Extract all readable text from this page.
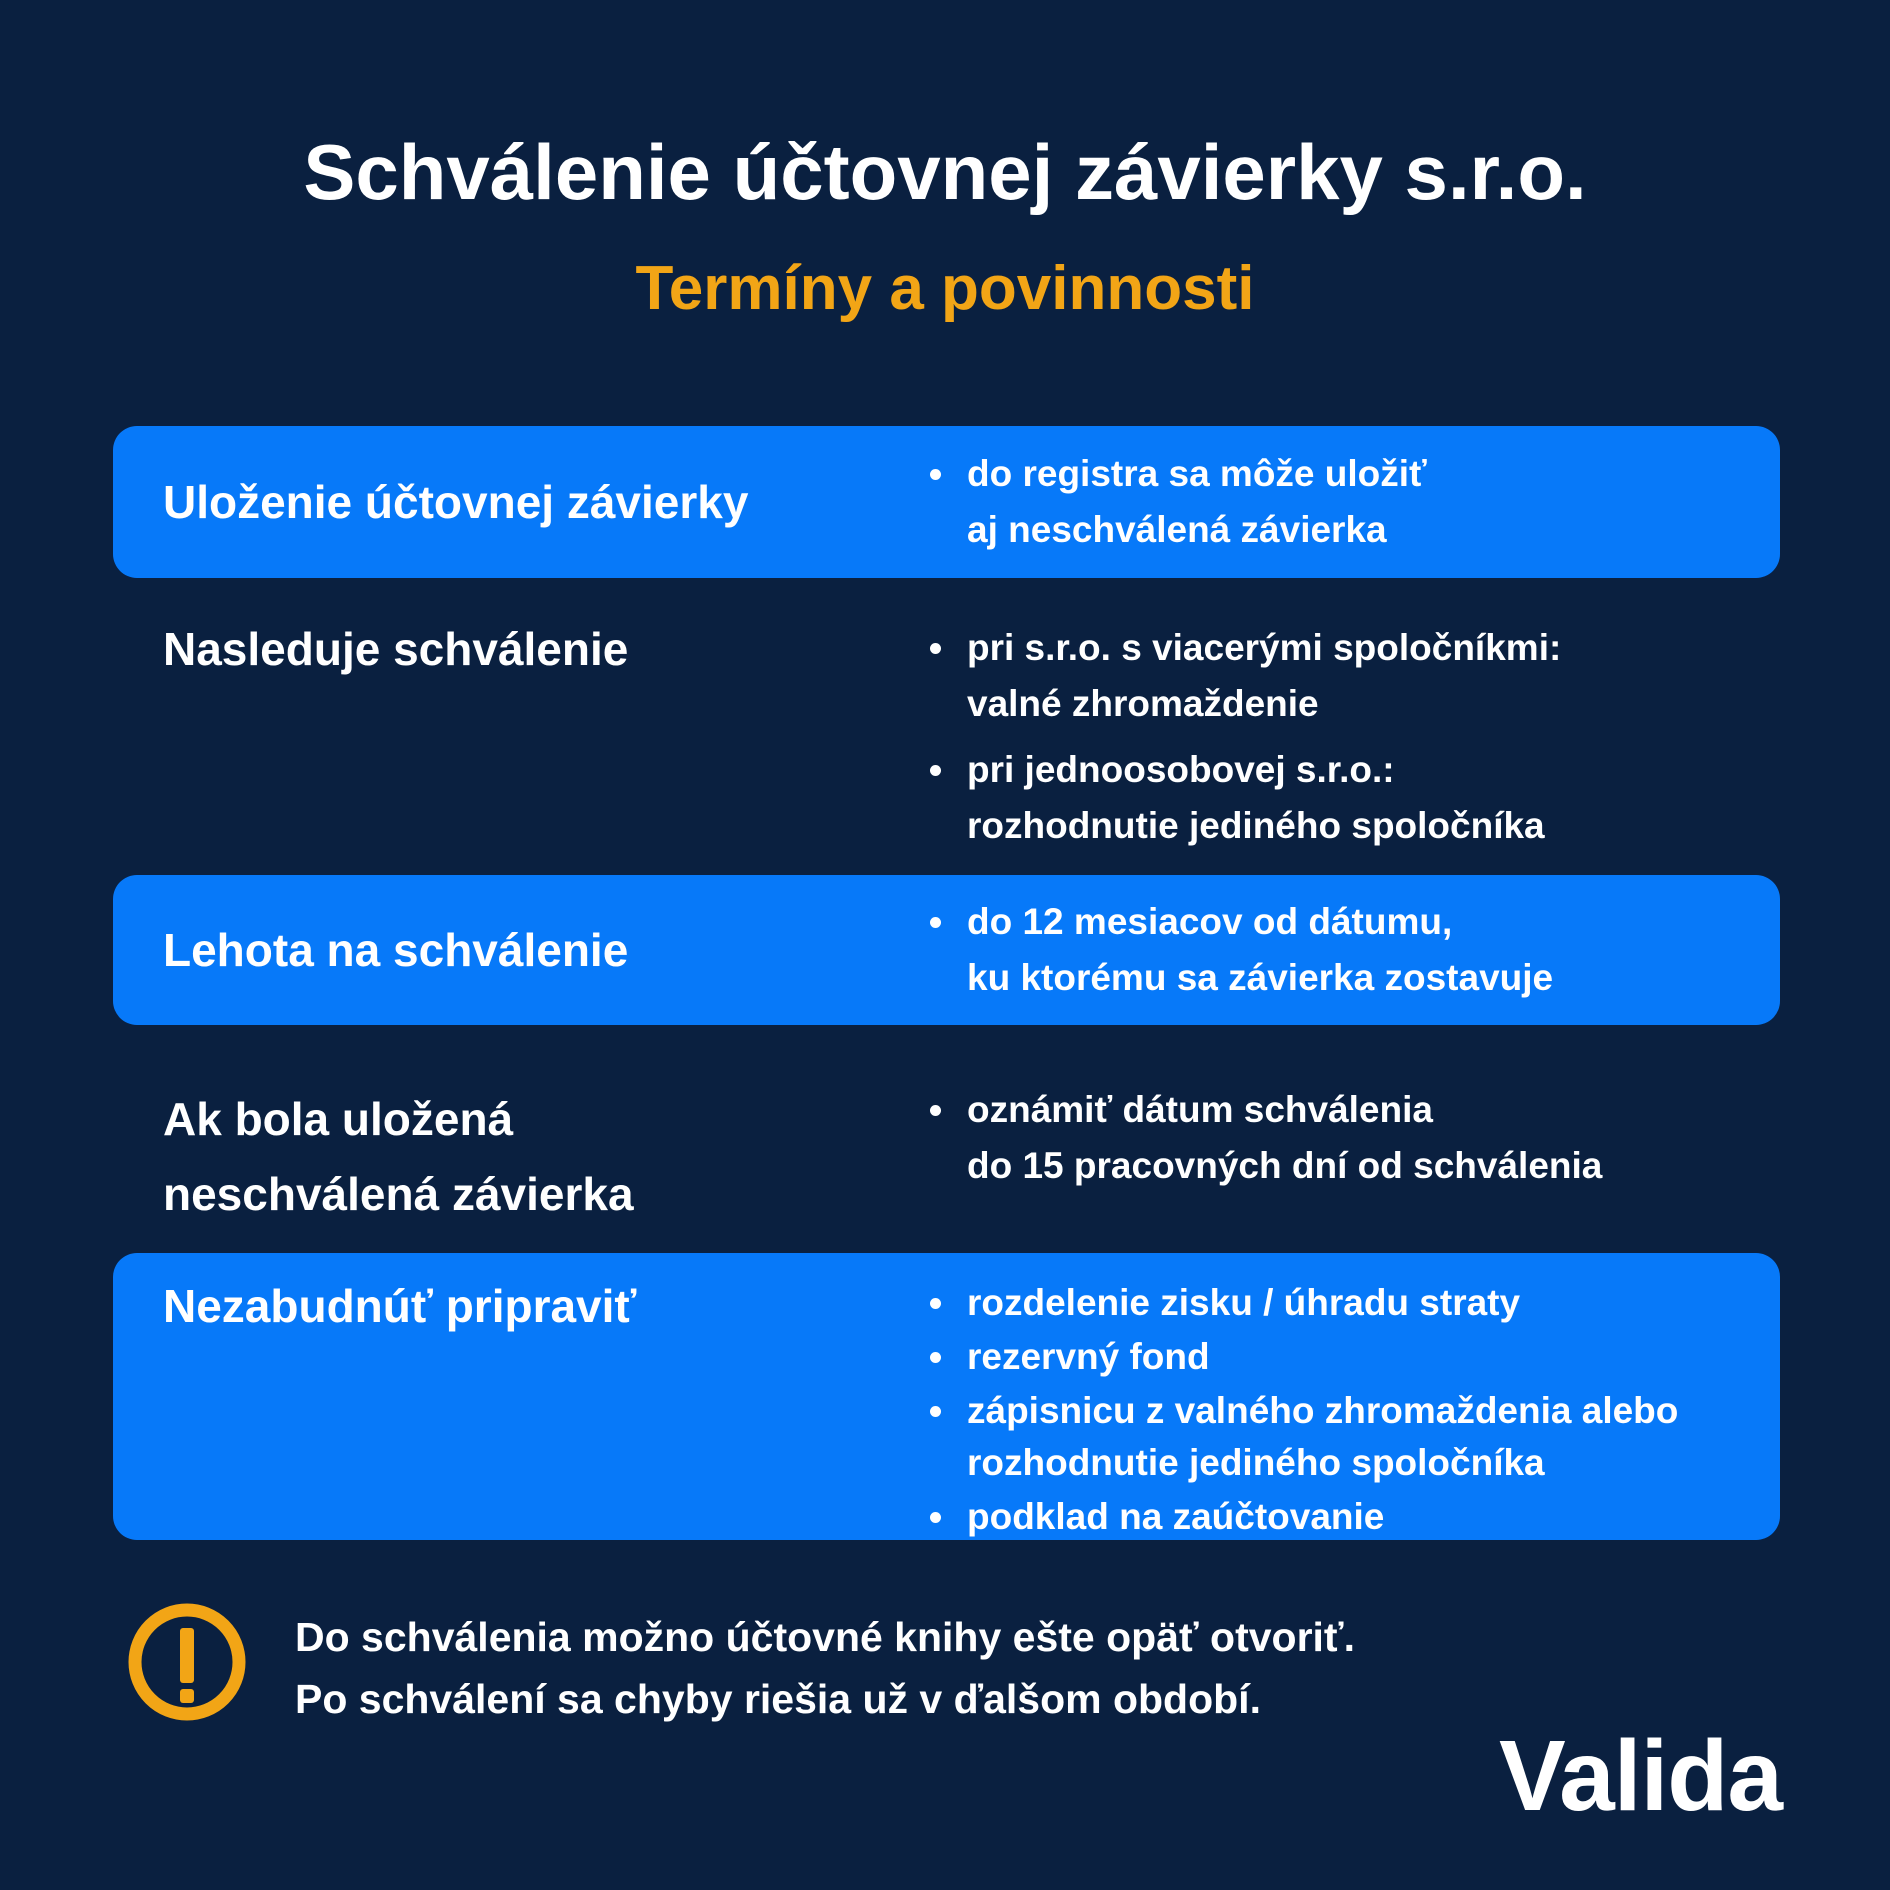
Schválenie účtovnej závierky s.r.o.
Termíny a povinnosti
Uloženie účtovnej závierky
do registra sa môže uložiť
aj neschválená závierka
Nasleduje schválenie	pri s.r.o. s viacerými spoločníkmi:
valné zhromaždenie
pri jednoosobovej s.r.o.:
rozhodnutie jediného spoločníka
Lehota na schválenie
do 12 mesiacov od dátumu,
ku ktorému sa závierka zostavuje
Ak bola uložená
neschválená závierka
oznámiť dátum schválenia
do 15 pracovných dní od schválenia
Nezabudnúť pripraviť	rozdelenie zisku / úhradu straty
rezervný fond
zápisnicu z valného zhromaždenia alebo
rozhodnutie jediného spoločníka
podklad na zaúčtovanie
Do schválenia možno účtovné knihy ešte opäť otvoriť.
Po schválení sa chyby riešia už v ďalšom období.
Valida
